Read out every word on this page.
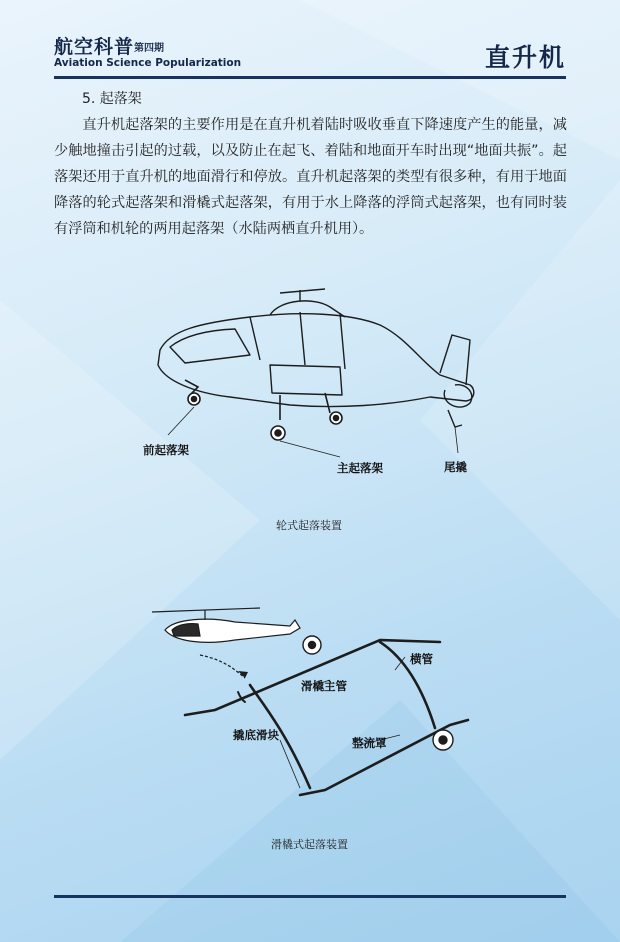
航空科普 第四期
Aviation Science Popularization	直升机
5. 起落架

直升机起落架的主要作用是在直升机着陆时吸收垂直下降速度产生的能量，减少触地撞击引起的过载，以及防止在起飞、着陆和地面开车时出现“地面共振”。起落架还用于直升机的地面滑行和停放。直升机起落架的类型有很多种，有用于地面降落的轮式起落架和滑橇式起落架，有用于水上降落的浮筒式起落架，也有同时装有浮筒和机轮的两用起落架（水陆两栖直升机用）。

前起落架
主起落架	尾撬
轮式起落装置
横管
滑橇主管
撬底滑块
整流罩
滑橇式起落装置
